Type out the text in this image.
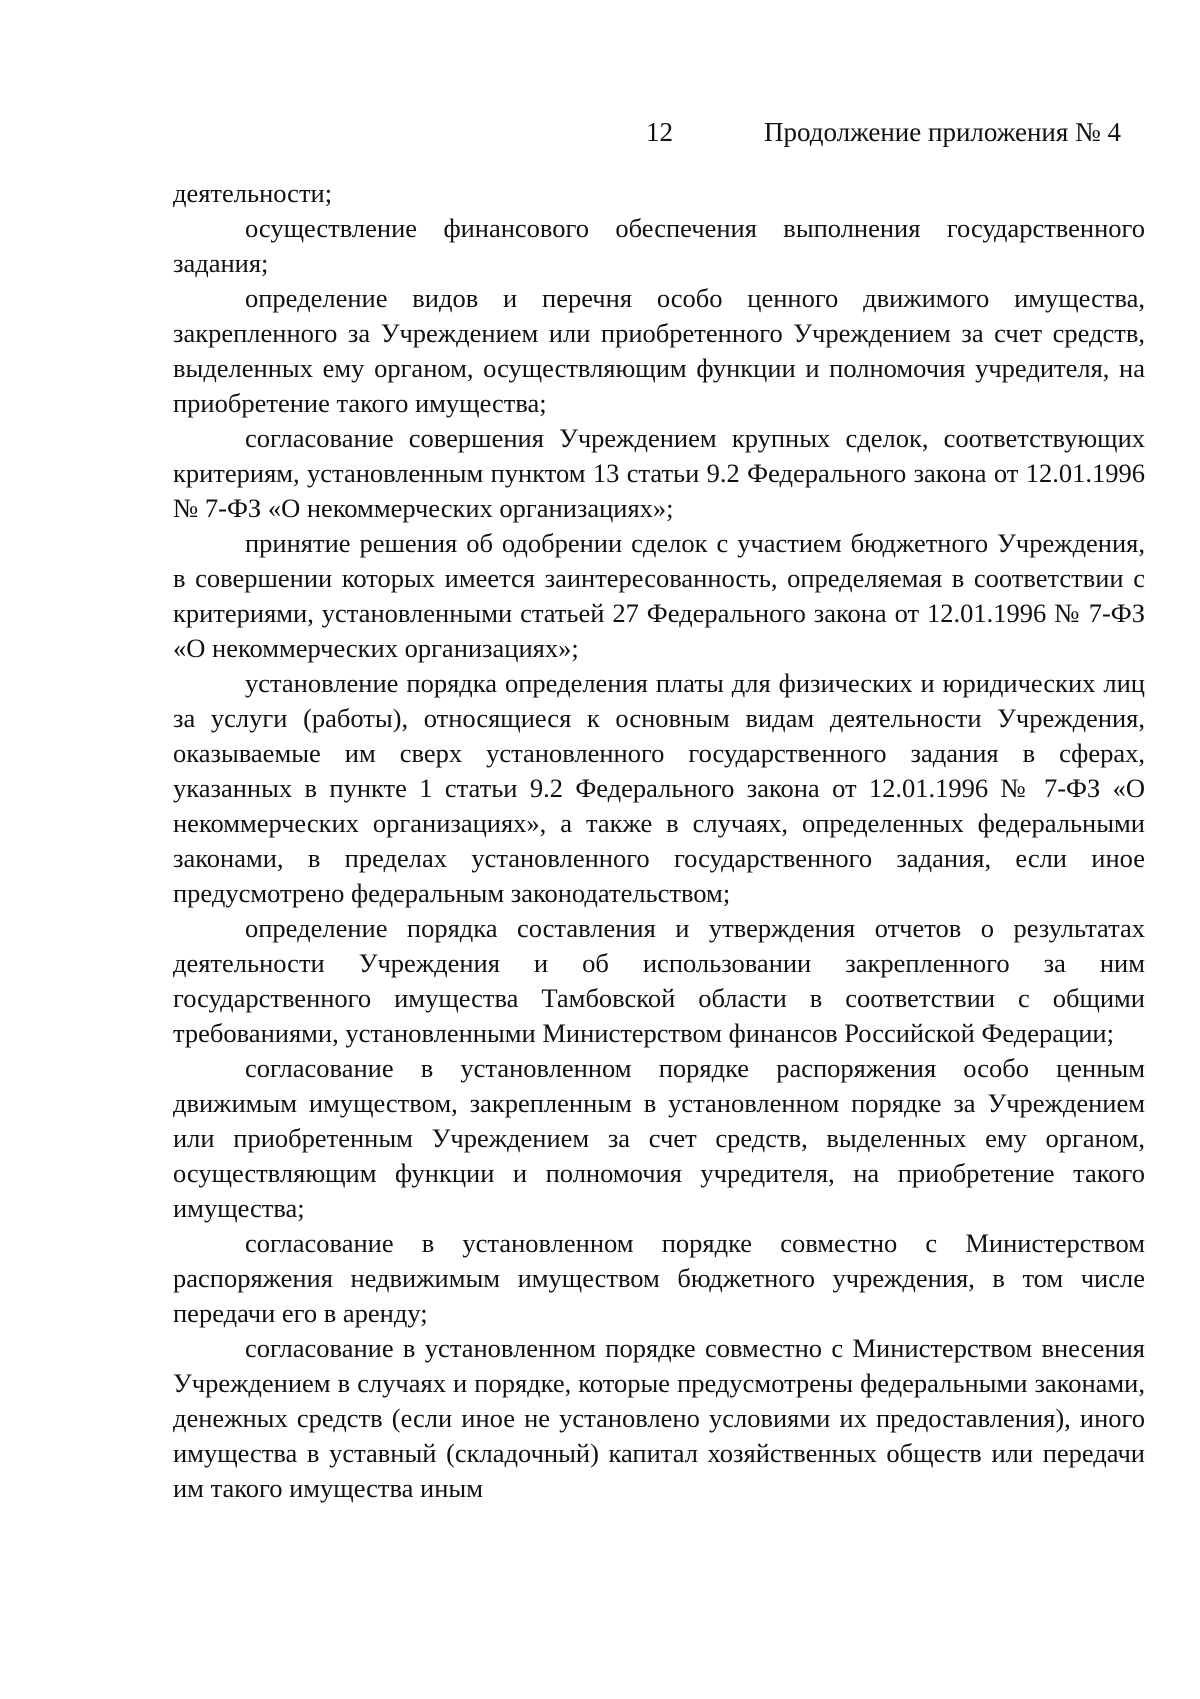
12	Продолжение приложения № 4

деятельности;

осуществление финансового обеспечения выполнения государственного задания;

определение видов и перечня особо ценного движимого имущества, закрепленного за Учреждением или приобретенного Учреждением за счет средств, выделенных ему органом, осуществляющим функции и полномочия учредителя, на приобретение такого имущества;

согласование совершения Учреждением крупных сделок, соответствующих критериям, установленным пунктом 13 статьи 9.2 Федерального закона от 12.01.1996 № 7-ФЗ «О некоммерческих организациях»;

принятие решения об одобрении сделок с участием бюджетного Учреждения, в совершении которых имеется заинтересованность, определяемая в соответствии с критериями, установленными статьей 27 Федерального закона от 12.01.1996 № 7-ФЗ «О некоммерческих организациях»;

установление порядка определения платы для физических и юридических лиц за услуги (работы), относящиеся к основным видам деятельности Учреждения, оказываемые им сверх установленного государственного задания в сферах, указанных в пункте 1 статьи 9.2 Федерального закона от 12.01.1996 № 7-ФЗ «О некоммерческих организациях», а также в случаях, определенных федеральными законами, в пределах установленного государственного задания, если иное предусмотрено федеральным законодательством;

определение порядка составления и утверждения отчетов о результатах деятельности Учреждения и об использовании закрепленного за ним государственного имущества Тамбовской области в соответствии с общими требованиями, установленными Министерством финансов Российской Федерации;

согласование в установленном порядке распоряжения особо ценным движимым имуществом, закрепленным в установленном порядке за Учреждением или приобретенным Учреждением за счет средств, выделенных ему органом, осуществляющим функции и полномочия учредителя, на приобретение такого имущества;

согласование в установленном порядке совместно с Министерством распоряжения недвижимым имуществом бюджетного учреждения, в том числе передачи его в аренду;

согласование в установленном порядке совместно с Министерством внесения Учреждением в случаях и порядке, которые предусмотрены федеральными законами, денежных средств (если иное не установлено условиями их предоставления), иного имущества в уставный (складочный) капитал хозяйственных обществ или передачи им такого имущества иным
